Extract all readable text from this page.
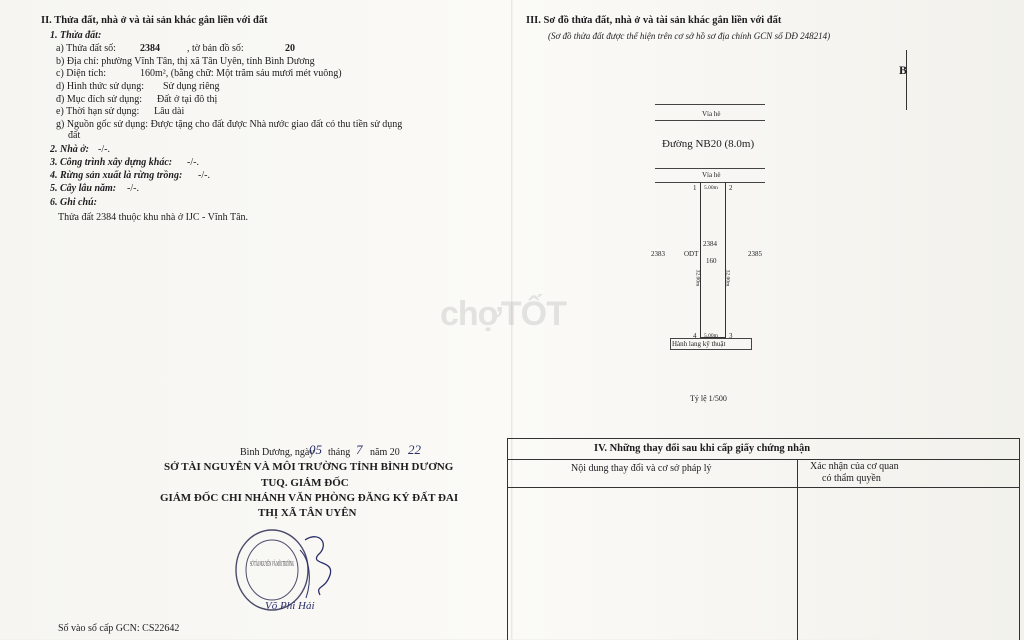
II. Thửa đất, nhà ở và tài sản khác gắn liền với đất
1. Thửa đất:
a) Thửa đất số: 2384	, tờ bản đồ số:	20
b) Địa chỉ: phường Vĩnh Tân, thị xã Tân Uyên, tỉnh Bình Dương
c) Diện tích:	160m², (bằng chữ: Một trăm sáu mươi mét vuông)
d) Hình thức sử dụng: Sử dụng riêng
đ) Mục đích sử dụng: Đất ở tại đô thị
e) Thời hạn sử dụng: Lâu dài
g) Nguồn gốc sử dụng: Được tặng cho đất được Nhà nước giao đất có thu tiền sử dụng
đất
2. Nhà ở: -/-.
3. Công trình xây dựng khác: -/-.
4. Rừng sản xuất là rừng trồng: -/-.
5. Cây lâu năm: -/-.
6. Ghi chú:
Thửa đất 2384 thuộc khu nhà ở IJC - Vĩnh Tân.
Bình Dương, ngày
05 tháng 7 năm 20 22
SỞ TÀI NGUYÊN VÀ MÔI TRƯỜNG TỈNH BÌNH DƯƠNG
TUQ. GIÁM ĐỐC
GIÁM ĐỐC CHI NHÁNH VĂN PHÒNG ĐĂNG KÝ ĐẤT ĐAI
THỊ XÃ TÂN UYÊN
SỞ TÀI NGUYÊN VÀ MÔI TRƯỜNG
Võ Phi Hải
Số vào sổ cấp GCN: CS22642
III. Sơ đồ thửa đất, nhà ở và tài sản khác gắn liền với đất
(Sơ đồ thửa đất được thể hiện trên cơ sở hồ sơ địa chính GCN số DĐ 248214)
B
Vỉa hè
Đường NB20 (8.0m)
Vỉa hè
1	2
5.00m
2384
160
ODT
32.00m	32.00m
2383	2385
4	3
5.00m
Hành lang kỹ thuật
Tỷ lệ 1/500
chợTỐT
IV. Những thay đổi sau khi cấp giấy chứng nhận
Nội dung thay đổi và cơ sở pháp lý	Xác nhận của cơ quan
có thẩm quyền
